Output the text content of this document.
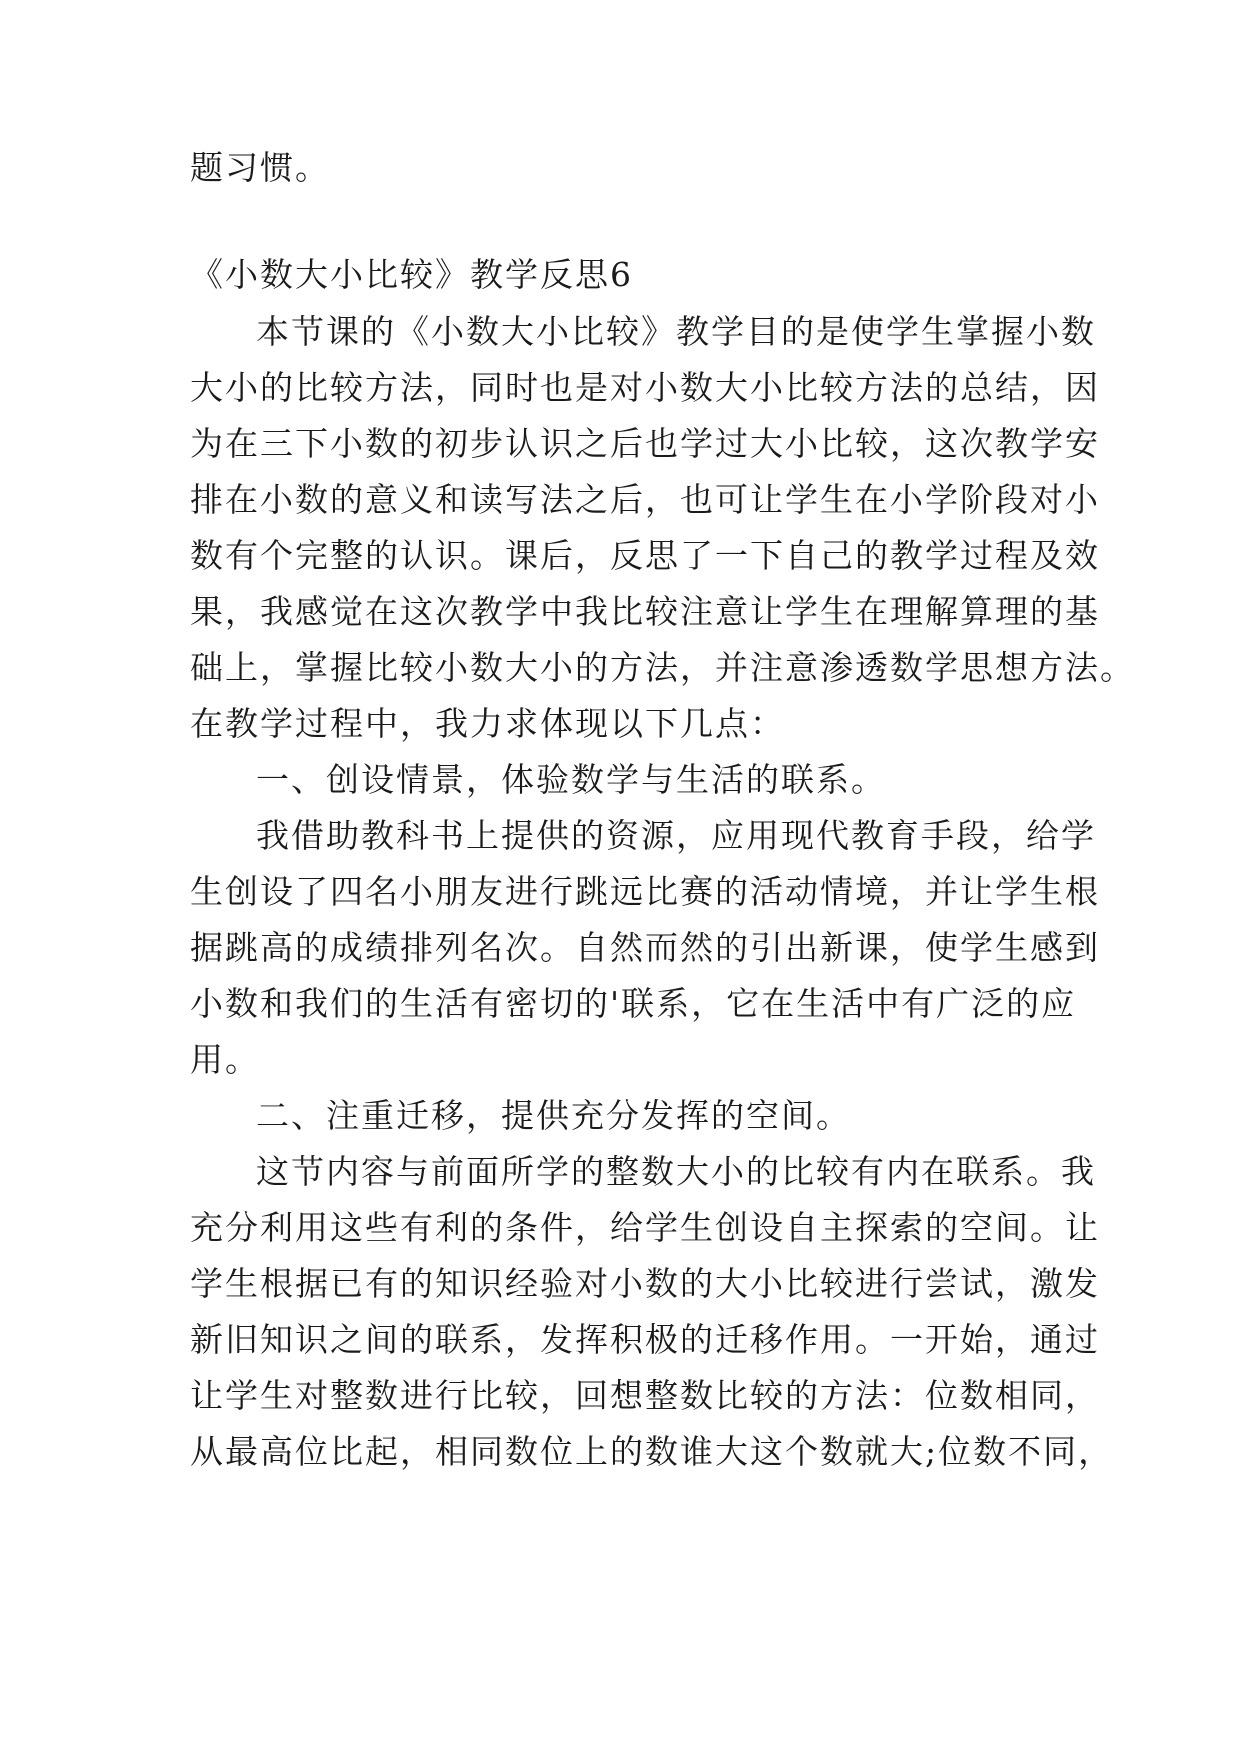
题习惯。
《小数大小比较》教学反思6
本节课的《小数大小比较》教学目的是使学生掌握小数
大小的比较方法，同时也是对小数大小比较方法的总结，因
为在三下小数的初步认识之后也学过大小比较，这次教学安
排在小数的意义和读写法之后，也可让学生在小学阶段对小
数有个完整的认识。课后，反思了一下自己的教学过程及效
果，我感觉在这次教学中我比较注意让学生在理解算理的基
础上，掌握比较小数大小的方法，并注意渗透数学思想方法。
在教学过程中，我力求体现以下几点：
一、创设情景，体验数学与生活的联系。
我借助教科书上提供的资源，应用现代教育手段，给学
生创设了四名小朋友进行跳远比赛的活动情境，并让学生根
据跳高的成绩排列名次。自然而然的引出新课，使学生感到
小数和我们的生活有密切的'联系，它在生活中有广泛的应
用。
二、注重迁移，提供充分发挥的空间。
这节内容与前面所学的整数大小的比较有内在联系。我
充分利用这些有利的条件，给学生创设自主探索的空间。让
学生根据已有的知识经验对小数的大小比较进行尝试，激发
新旧知识之间的联系，发挥积极的迁移作用。一开始，通过
让学生对整数进行比较，回想整数比较的方法：位数相同，
从最高位比起，相同数位上的数谁大这个数就大;位数不同，
